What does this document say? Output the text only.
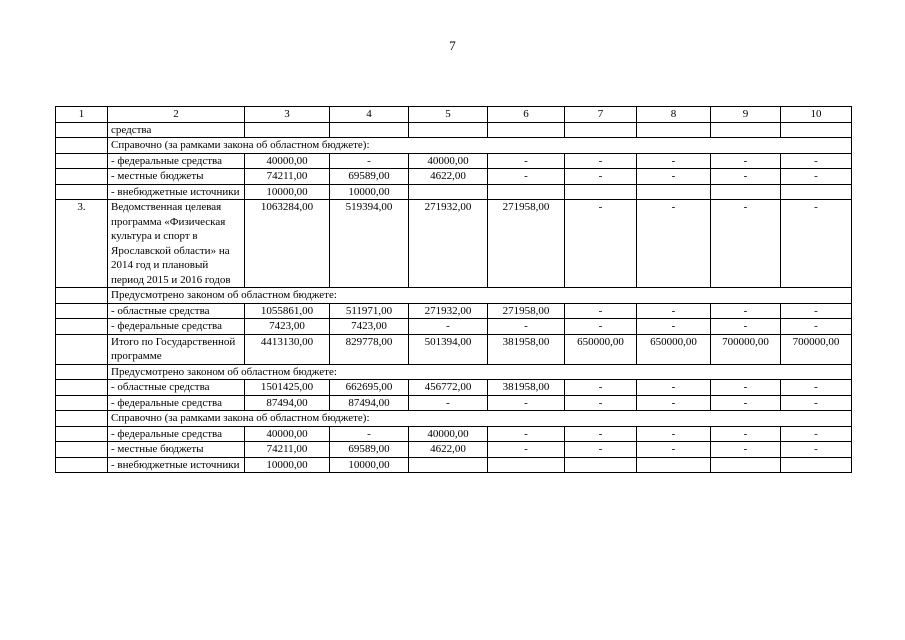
7
1	2	3	4	5	6	7	8	9	10
	средства								
	Справочно (за рамками закона об областном бюджете):								
	- федеральные средства	40000,00	-	40000,00	-	-	-	-	-
	- местные бюджеты	74211,00	69589,00	4622,00	-	-	-	-	-
	- внебюджетные источники	10000,00	10000,00						
3.	Ведомственная целевая программа «Физическая культура и спорт в Ярославской области» на 2014 год и плановый период 2015 и 2016 годов	1063284,00	519394,00	271932,00	271958,00	-	-	-	-
	Предусмотрено законом об областном бюджете:								
	- областные средства	1055861,00	511971,00	271932,00	271958,00	-	-	-	-
	- федеральные средства	7423,00	7423,00	-	-	-	-	-	-
	Итого по Государственной программе	4413130,00	829778,00	501394,00	381958,00	650000,00	650000,00	700000,00	700000,00
	Предусмотрено законом об областном бюджете:								
	- областные средства	1501425,00	662695,00	456772,00	381958,00	-	-	-	-
	- федеральные средства	87494,00	87494,00	-	-	-	-	-	-
	Справочно (за рамками закона об областном бюджете):								
	- федеральные средства	40000,00	-	40000,00	-	-	-	-	-
	- местные бюджеты	74211,00	69589,00	4622,00	-	-	-	-	-
	- внебюджетные источники	10000,00	10000,00						
